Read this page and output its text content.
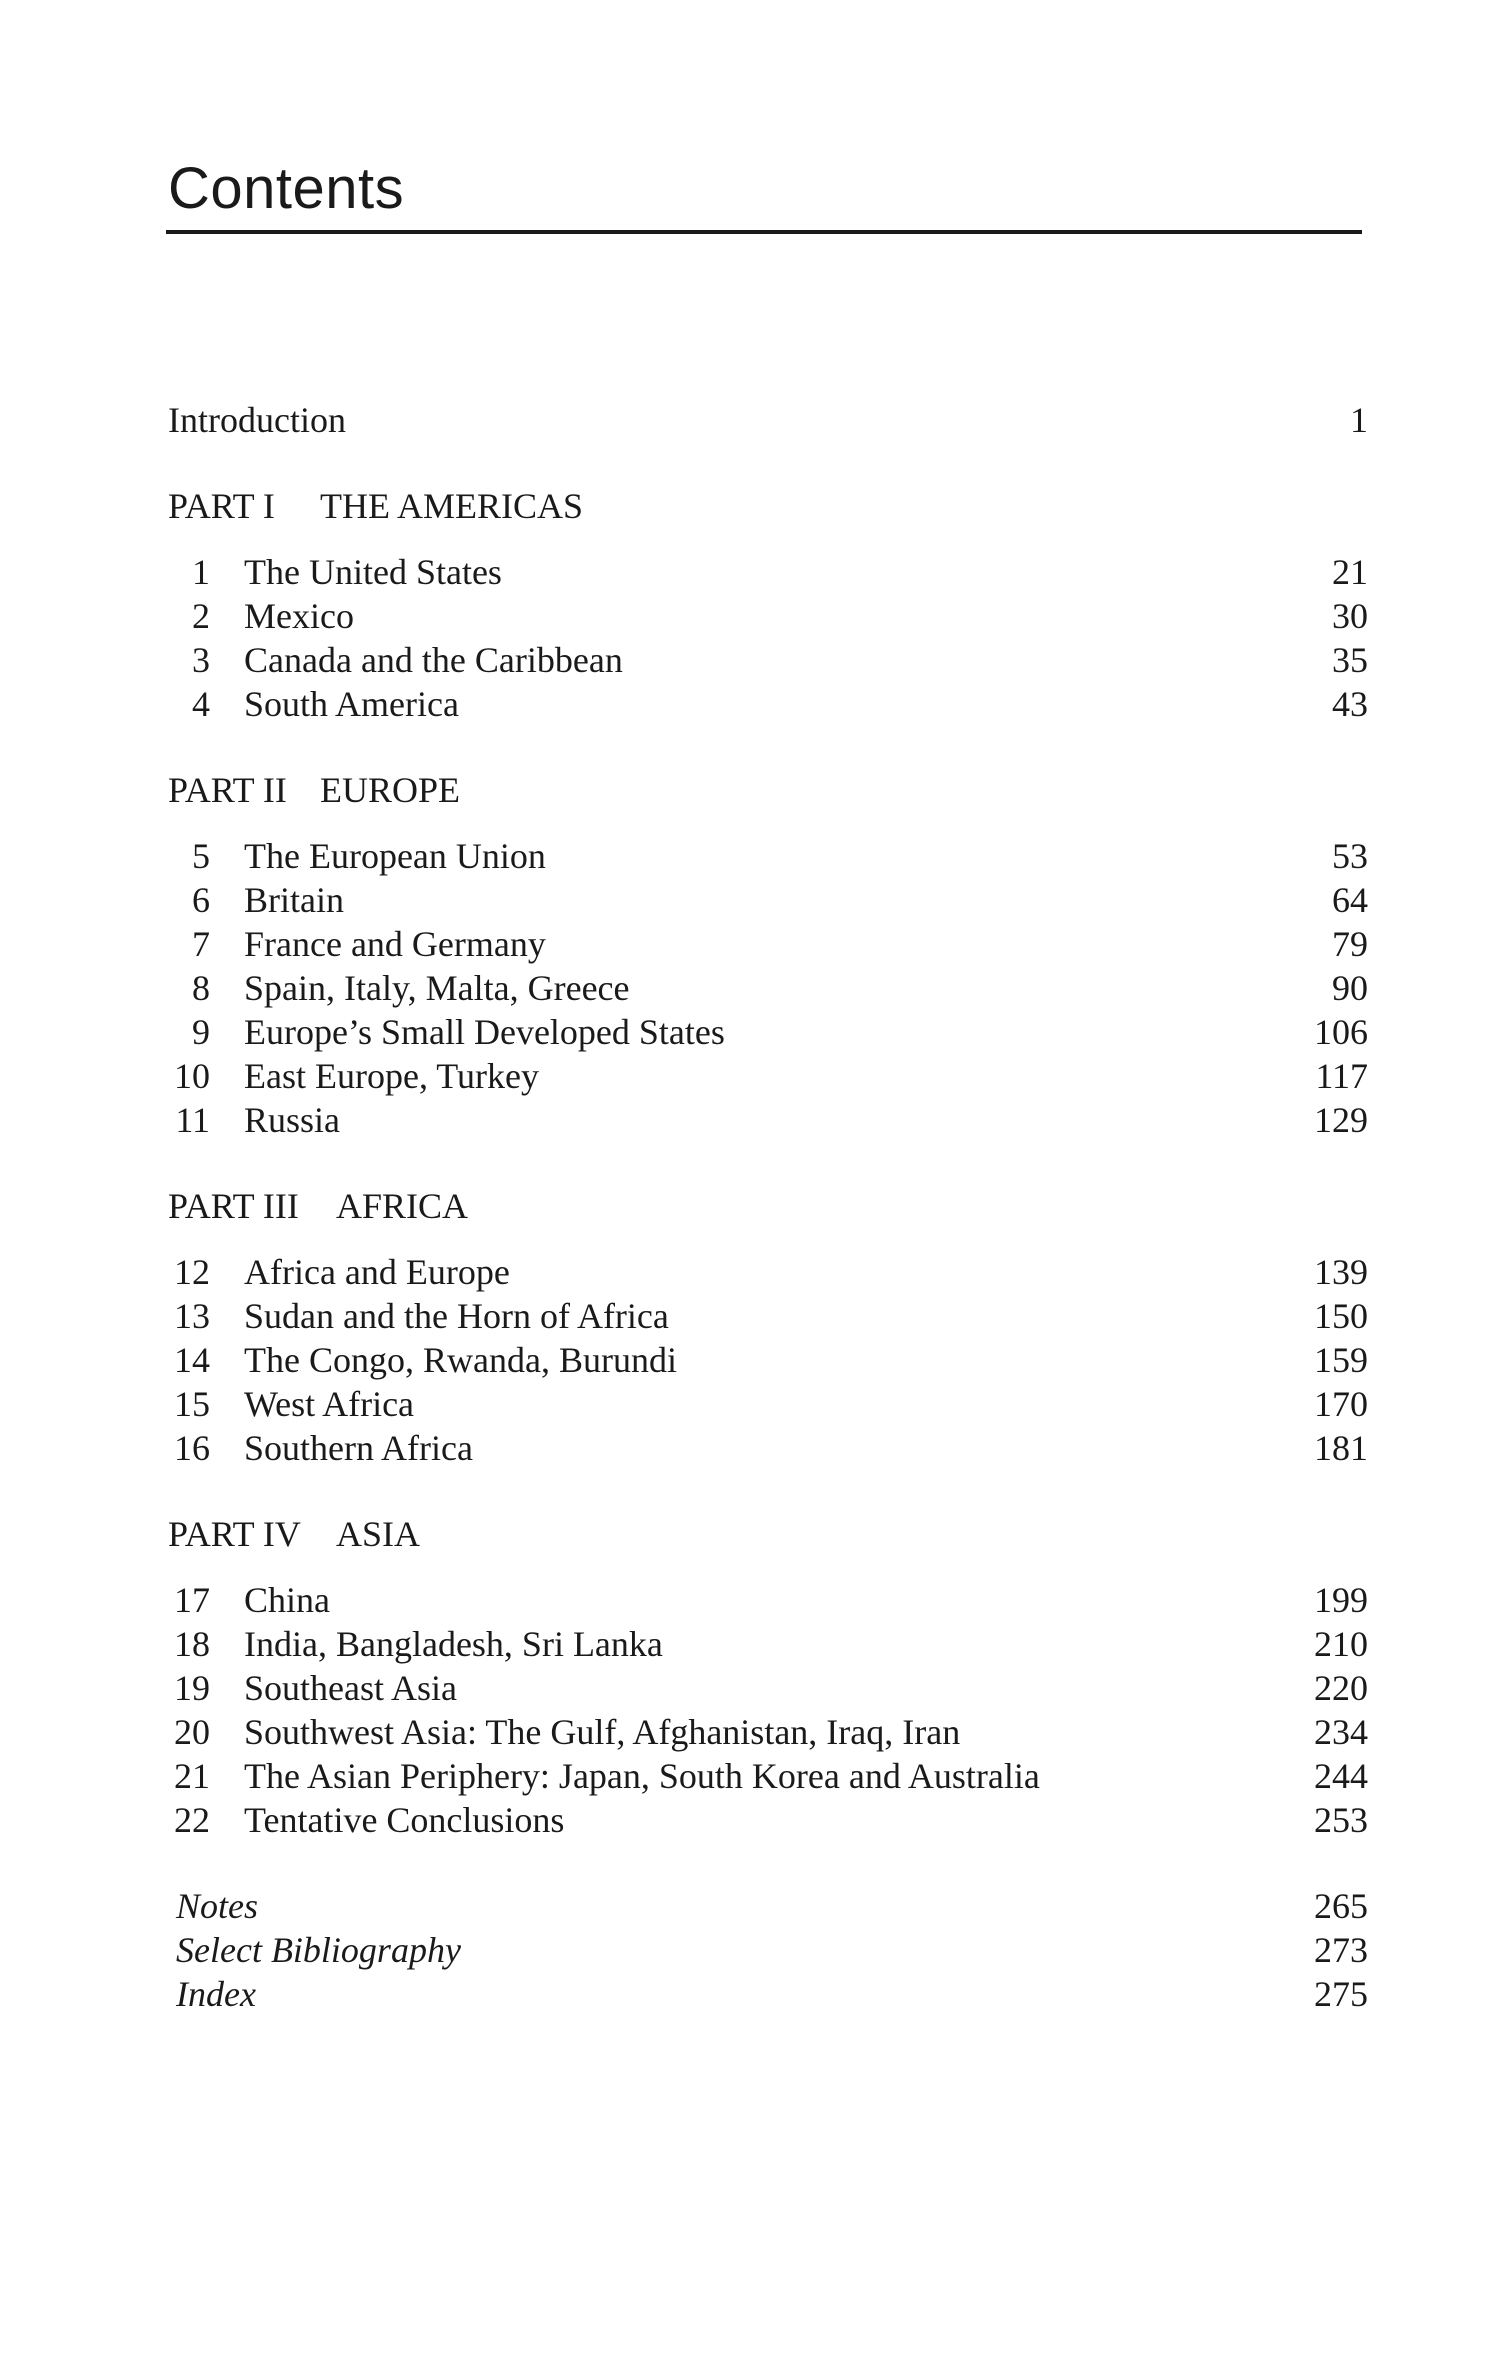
Contents
Introduction	1
PART I THE AMERICAS
1 The United States	21
2 Mexico	30
3 Canada and the Caribbean	35
4 South America	43
PART II EUROPE
5 The European Union	53
6 Britain	64
7 France and Germany	79
8 Spain, Italy, Malta, Greece	90
9 Europe’s Small Developed States	106
10 East Europe, Turkey	117
11 Russia	129
PART III AFRICA
12 Africa and Europe	139
13 Sudan and the Horn of Africa	150
14 The Congo, Rwanda, Burundi	159
15 West Africa	170
16 Southern Africa	181
PART IV ASIA
17 China	199
18 India, Bangladesh, Sri Lanka	210
19 Southeast Asia	220
20 Southwest Asia: The Gulf, Afghanistan, Iraq, Iran	234
21 The Asian Periphery: Japan, South Korea and Australia	244
22 Tentative Conclusions	253
Notes	265
Select Bibliography	273
Index	275
